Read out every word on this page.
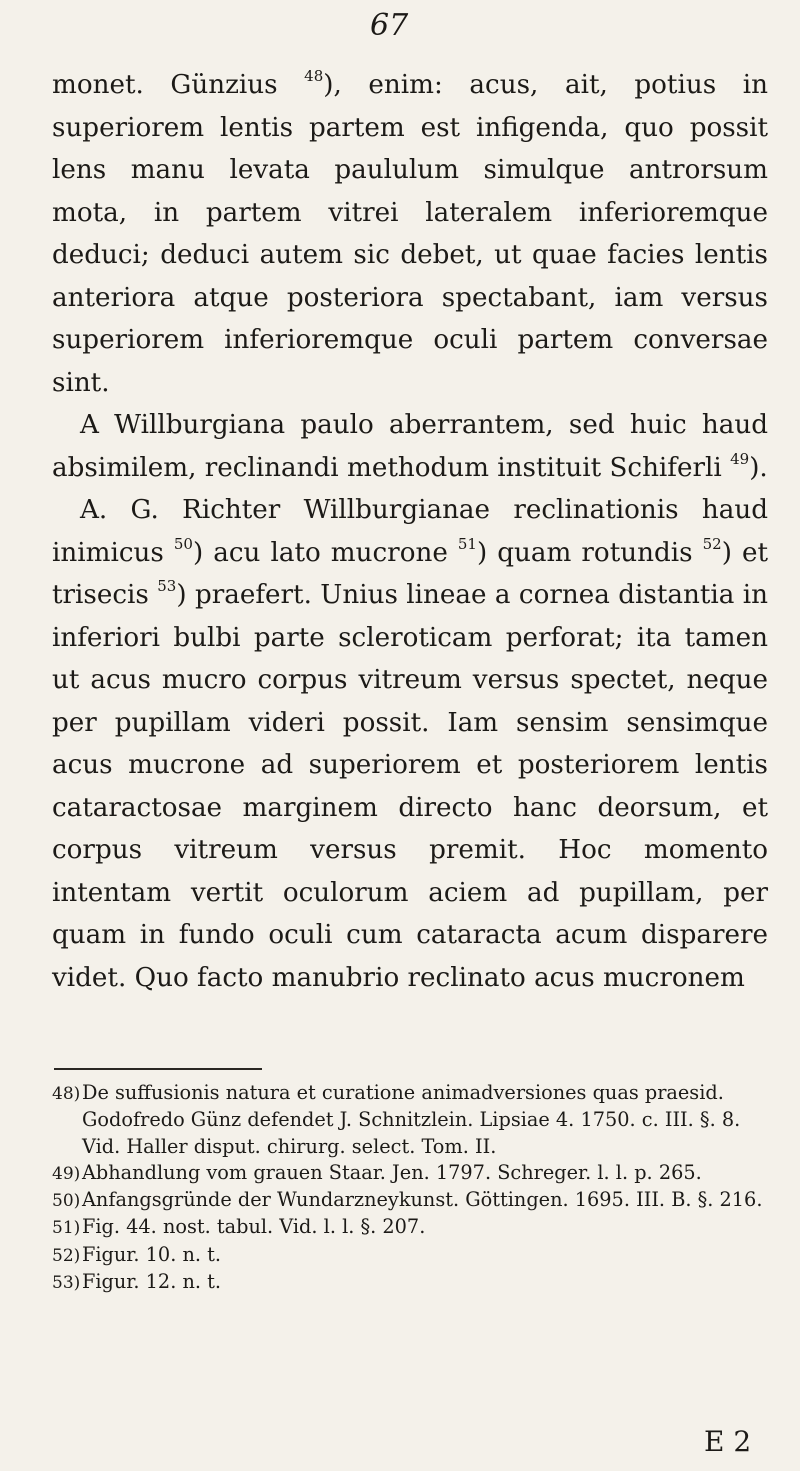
67

monet. Günzius $^{48}$), enim: acus, ait, potius in superiorem lentis partem est infigenda, quo possit lens manu levata paululum simulque antrorsum mota, in partem vitrei lateralem inferioremque deduci; deduci autem sic debet, ut quae facies lentis anteriora atque posteriora spectabant, iam versus superiorem inferioremque oculi partem conversae sint.

A Willburgiana paulo aberrantem, sed huic haud absimilem, reclinandi methodum instituit Schiferli $^{49}$).

A. G. Richter Willburgianae reclinationis haud inimicus $^{50}$) acu lato mucrone $^{51}$) quam rotundis $^{52}$) et trisecis $^{53}$) praefert. Unius lineae a cornea distantia in inferiori bulbi parte scleroticam perforat; ita tamen ut acus mucro corpus vitreum versus spectet, neque per pupillam videri possit. Iam sensim sensimque acus mucrone ad superiorem et posteriorem lentis cataractosae marginem directo hanc deorsum, et corpus vitreum versus premit. Hoc momento intentam vertit oculorum aciem ad pupillam, per quam in fundo oculi cum cataracta acum disparere videt. Quo facto manubrio reclinato acus mucronem

48)De suffusionis natura et curatione animadversiones quas praesid. Godofredo Günz defendet J. Schnitzlein. Lipsiae 4. 1750. c. III. §. 8. Vid. Haller disput. chirurg. select. Tom. II.

49)Abhandlung vom grauen Staar. Jen. 1797. Schreger. l. l. p. 265.

50)Anfangsgründe der Wundarzneykunst. Göttingen. 1695. III. B. §. 216.

51)Fig. 44. nost. tabul. Vid. l. l. §. 207.

52)Figur. 10. n. t.

53)Figur. 12. n. t.

E 2
